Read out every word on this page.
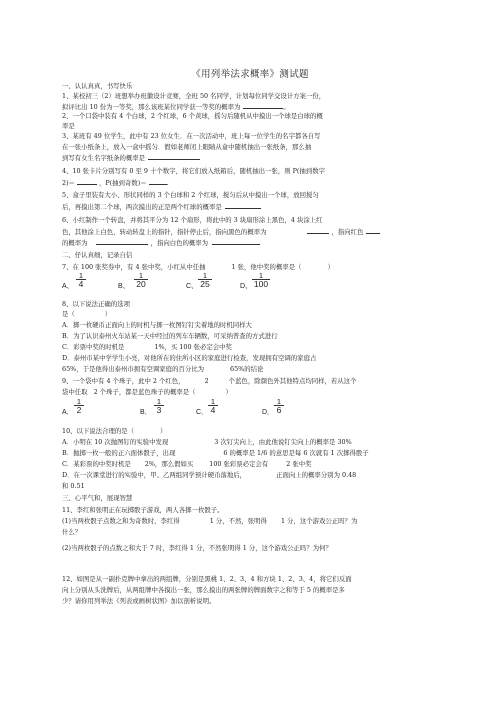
《用列举法求概率》测试题
一、认认真真，书写快乐
1、某校初三（2）班想举办班徽设计竞赛，全班 50 名同学，计划每位同学交设计方案一份，
拟评比出 10 份为一等奖，那么该班某位同学获一等奖的概率为	。
2、一个口袋中装有 4 个白球，2 个红球，6 个黄球，摇匀后随机从中摸出一个球是白球的概
率是
3、某班有 49 位学生，此中有 23 位女生．在一次活动中，班上每一位学生的名字都各自写
在一张小纸条上，放入一盒中摇匀．假如老师闭上眼睛从盒中随机抽出一张纸条，那么抽
到写有女生名字纸条的概率是
4、10 张卡片分别写有 0 至 9 十个数字，将它们放入纸箱后，随机抽出一张，则 P(抽到数字
2)＝	，P(抽到奇数)＝	.
5、盒子里装有大小、形状同样的 3 个白球和 2 个红球，搅匀后从中摸出一个球，放回搅匀
后，再摸出第二个球，两次摸出的正是两个红球的概率是
6、小红制作一个转盘，并将其平分为 12 个扇形，将此中的 3 块扇形涂上黑色，4 块涂上红
色，其他涂上白色，转动转盘上的指针，指针停止后，指向黑色的概率为	，指向红色
的概率为	，指向白色的概率为
二、仔认真细，记录自信
7、在 100 张奖券中，有 4 张中奖，小红从中任抽	1 张，他中奖的概率是（	）
A、
1
4	B、
1
20	C、
1
25	D、
1
100
8、以下说法正确的选项
是（	）
A．掷一枚硬币正面向上的时机与掷一枚图钉钉尖着地的时机同样大
B．为了认识泰州火车站某一天中经过的列车车辆数，可采纳普查的方式进行
C．彩票中奖的时机是	1%，买 100 张必定会中奖
D．泰州市某中学学生小亮，对他所在的住所小区的家庭进行检查，发现拥有空调的家庭占
65%，于是他得出泰州市拥有空调家庭的百分比为	65%的结论
9、一个袋中有 4 个珠子，此中 2 个红色，	2	个蓝色，除颜色外其他特点均同样，若从这个
袋中任取 2 个珠子，都是蓝色珠子的概率是（	）
A．
1
2	B．
1
3	C．
1
4	D．
1
6
10、以下说法合理的是（	）
A．小明在 10 次抛图钉的实验中发现	3 次钉尖向上，由此他说钉尖向上的概率是 30%
B．抛掷一枚一般的正六面体骰子，出现	6 的概率是 1/6 的意思是每 6 次就有 1 次掷得骰子
C．某彩票的中奖时机是 2%，那么假如买	100 张彩票必定会有	2 张中奖
D．在一次课堂进行的实验中，甲、乙两组同学预计硬币落地后，	正面向上的概率分别为 0.48
和 0.51
三、心平气和，展现智慧
11、李红和张明正在玩掷骰子游戏，两人各掷一枚骰子。
(1)当两枚骰子点数之和为奇数时，李红得	1 分，不然，张明得 1 分，这个游戏公正吗？为
什么？
(2)当两枚骰子的点数之和大于 7 时，李红得 1 分，不然张明得 1 分，这个游戏公正吗？为何？
12、如图是从一副扑克牌中拿出的两组牌，分别是黑桃 1、2、3、4 和方块 1、2、3、4，将它们反面
向上分别从头洗牌后，从两组牌中各摸出一张，那么摸出的两张牌的牌面数字之和等于 5 的概率是多
少？请你用列举法《列表或画树状图》加以剖析说明。
